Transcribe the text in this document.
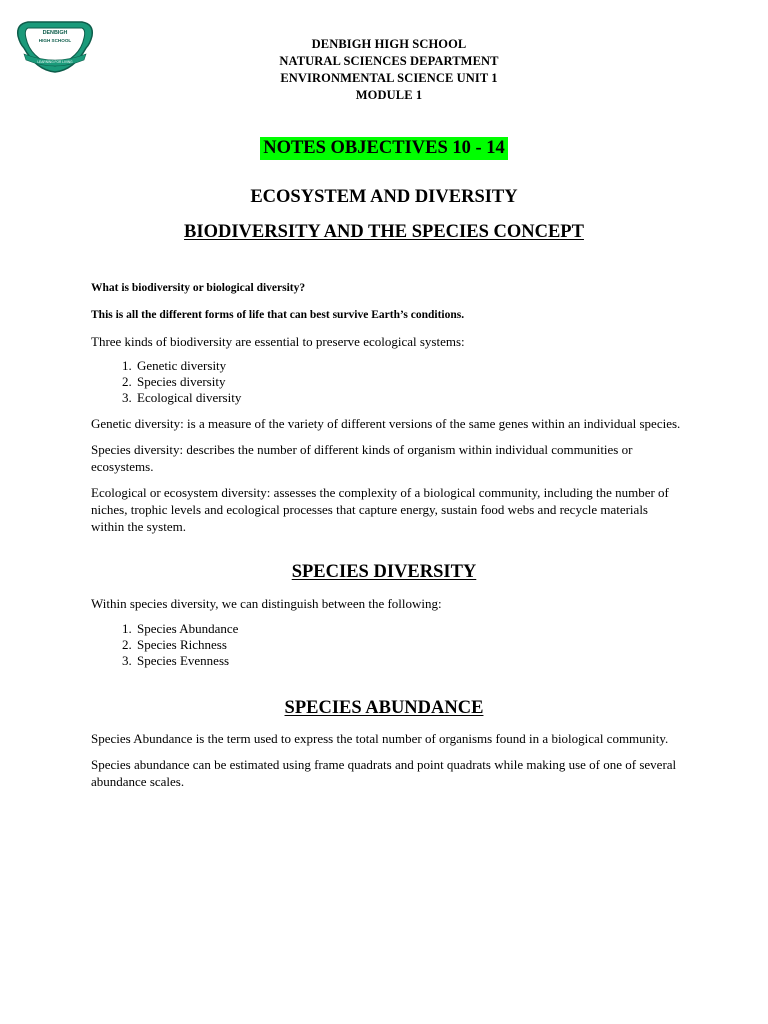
DENBIGH
HIGH SCHOOL
LEARNING FOR LIVING
DENBIGH HIGH SCHOOL
NATURAL SCIENCES DEPARTMENT
ENVIRONMENTAL SCIENCE UNIT 1
MODULE 1
NOTES OBJECTIVES 10 - 14
ECOSYSTEM AND DIVERSITY
BIODIVERSITY AND THE SPECIES CONCEPT

What is biodiversity or biological diversity?

This is all the different forms of life that can best survive Earth’s conditions.

Three kinds of biodiversity are essential to preserve ecological systems:

1. Genetic diversity
2. Species diversity
3. Ecological diversity

Genetic diversity: is a measure of the variety of different versions of the same genes within an individual species.

Species diversity: describes the number of different kinds of organism within individual communities or ecosystems.

Ecological or ecosystem diversity: assesses the complexity of a biological community, including the number of niches, trophic levels and ecological processes that capture energy, sustain food webs and recycle materials within the system.

SPECIES DIVERSITY

Within species diversity, we can distinguish between the following:

1. Species Abundance
2. Species Richness
3. Species Evenness
SPECIES ABUNDANCE

Species Abundance is the term used to express the total number of organisms found in a biological community.

Species abundance can be estimated using frame quadrats and point quadrats while making use of one of several abundance scales.
